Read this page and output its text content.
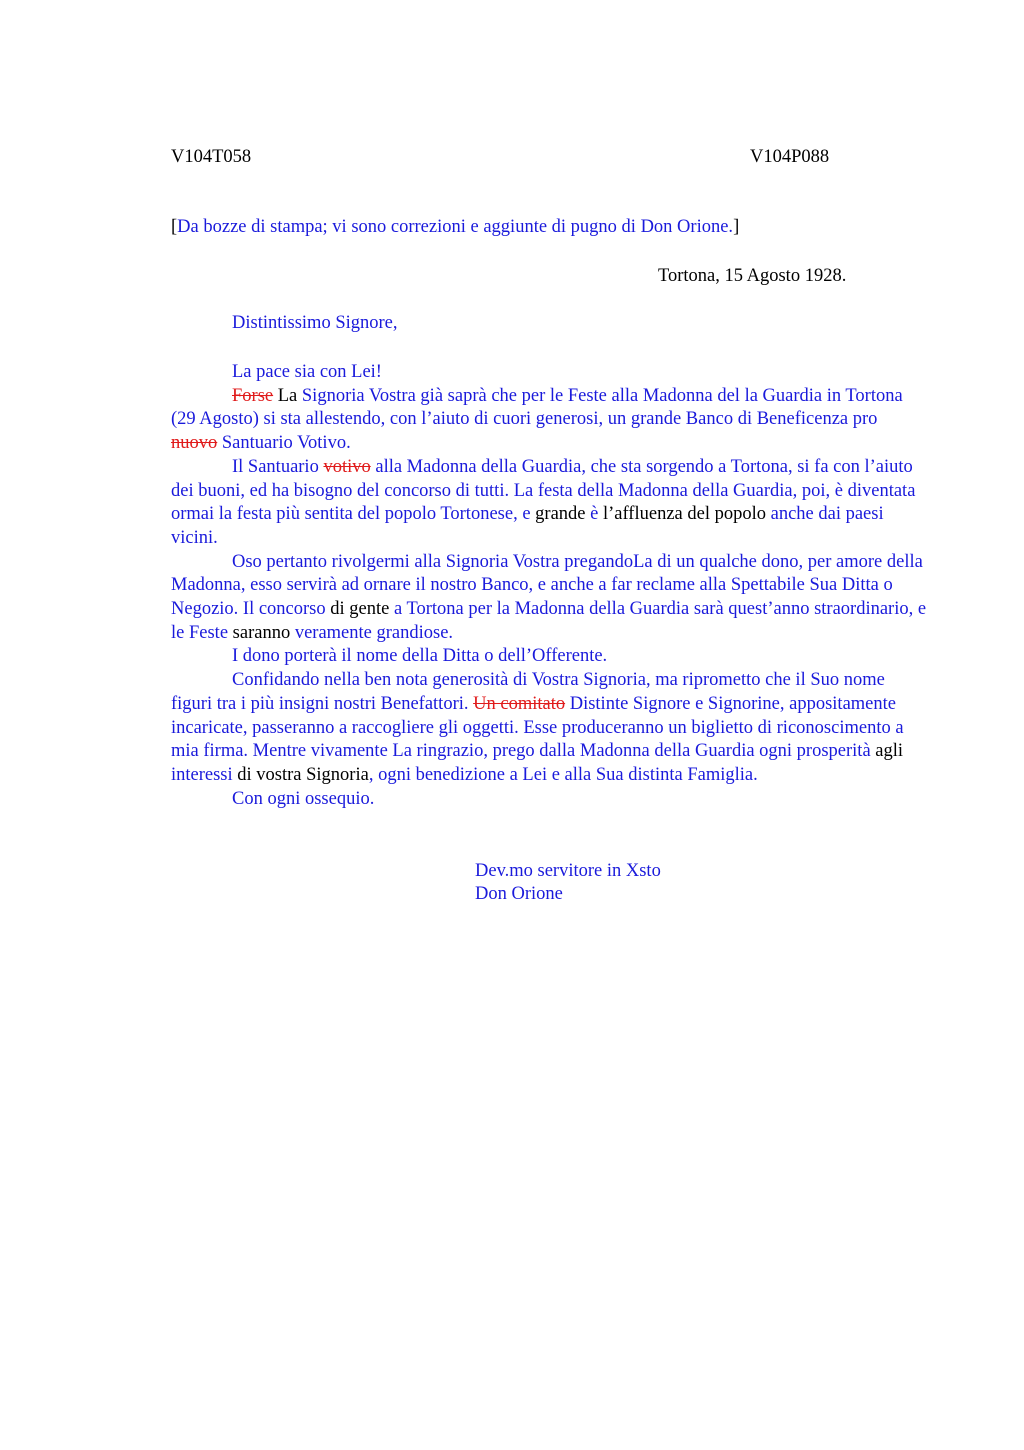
V104T058	V104P088
[Da bozze di stampa; vi sono correzioni e aggiunte di pugno di Don Orione.]
Tortona, 15 Agosto 1928.
Distintissimo Signore,

La pace sia con Lei!

Forse La Signoria Vostra già saprà che per le Feste alla Madonna del la Guardia in Tortona (29 Agosto) si sta allestendo, con l’aiuto di cuori generosi, un grande Banco di Beneficenza pro nuovo Santuario Votivo.

Il Santuario votivo alla Madonna della Guardia, che sta sorgendo a Tortona, si fa con l’aiuto dei buoni, ed ha bisogno del concorso di tutti. La festa della Madonna della Guardia, poi, è diventata ormai la festa più sentita del popolo Tortonese, e grande è l’affluenza del popolo anche dai paesi vicini.

Oso pertanto rivolgermi alla Signoria Vostra pregandoLa di un qualche dono, per amore della Madonna, esso servirà ad ornare il nostro Banco, e anche a far reclame alla Spettabile Sua Ditta o Negozio. Il concorso di gente a Tortona per la Madonna della Guardia sarà quest’anno straordinario, e le Feste saranno veramente grandiose.

I dono porterà il nome della Ditta o dell’Offerente.

Confidando nella ben nota generosità di Vostra Signoria, ma riprometto che il Suo nome figuri tra i più insigni nostri Benefattori. Un comitato Distinte Signore e Signorine, appositamente incaricate, passeranno a raccogliere gli oggetti. Esse produceranno un biglietto di riconoscimento a mia firma. Mentre vivamente La ringrazio, prego dalla Madonna della Guardia ogni prosperità agli interessi di vostra Signoria, ogni benedizione a Lei e alla Sua distinta Famiglia.

Con ogni ossequio.

Dev.mo servitore in Xsto
Don Orione
